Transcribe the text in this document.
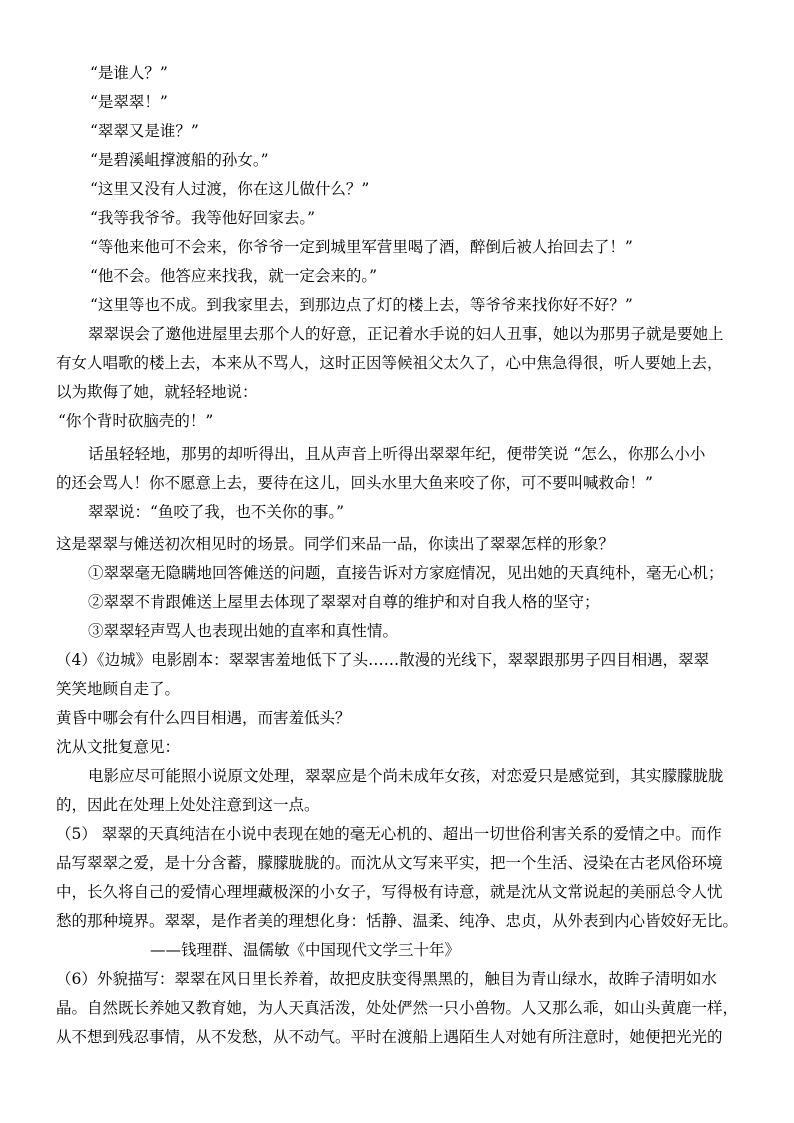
“是谁人？”
“是翠翠！”
“翠翠又是谁？”
“是碧溪岨撑渡船的孙女。”
“这里又没有人过渡，你在这儿做什么？”
“我等我爷爷。我等他好回家去。”
“等他来他可不会来，你爷爷一定到城里军营里喝了酒，醉倒后被人抬回去了！”
“他不会。他答应来找我，就一定会来的。”
“这里等也不成。到我家里去，到那边点了灯的楼上去，等爷爷来找你好不好？”
翠翠误会了邀他进屋里去那个人的好意，正记着水手说的妇人丑事，她以为那男子就是要她上
有女人唱歌的楼上去，本来从不骂人，这时正因等候祖父太久了，心中焦急得很，听人要她上去，
以为欺侮了她，就轻轻地说：
“你个背时砍脑壳的！”
话虽轻轻地，那男的却听得出，且从声音上听得出翠翠年纪，便带笑说 “怎么，你那么小小
的还会骂人！你不愿意上去，要待在这儿，回头水里大鱼来咬了你，可不要叫喊救命！”
翠翠说：“鱼咬了我，也不关你的事。”
这是翠翠与傩送初次相见时的场景。同学们来品一品，你读出了翠翠怎样的形象？
①翠翠毫无隐瞒地回答傩送的问题，直接告诉对方家庭情况，见出她的天真纯朴，毫无心机；
②翠翠不肯跟傩送上屋里去体现了翠翠对自尊的维护和对自我人格的坚守；
③翠翠轻声骂人也表现出她的直率和真性情。
（4）《边城》电影剧本：翠翠害羞地低下了头……散漫的光线下，翠翠跟那男子四目相遇，翠翠
笑笑地顾自走了。
黄昏中哪会有什么四目相遇，而害羞低头？
沈从文批复意见：
电影应尽可能照小说原文处理，翠翠应是个尚未成年女孩，对恋爱只是感觉到，其实朦朦胧胧
的，因此在处理上处处注意到这一点。
（5） 翠翠的天真纯洁在小说中表现在她的毫无心机的、超出一切世俗利害关系的爱情之中。而作
品写翠翠之爱，是十分含蓄，朦朦胧胧的。而沈从文写来平实，把一个生活、浸染在古老风俗环境
中，长久将自己的爱情心理埋藏极深的小女子，写得极有诗意，就是沈从文常说起的美丽总令人忧
愁的那种境界。翠翠，是作者美的理想化身：恬静、温柔、纯净、忠贞，从外表到内心皆姣好无比。
——钱理群、温儒敏《中国现代文学三十年》
（6）外貌描写：翠翠在风日里长养着，故把皮肤变得黑黑的，触目为青山绿水，故眸子清明如水
晶。自然既长养她又教育她，为人天真活泼，处处俨然一只小兽物。人又那么乖，如山头黄鹿一样，
从不想到残忍事情，从不发愁，从不动气。平时在渡船上遇陌生人对她有所注意时，她便把光光的
